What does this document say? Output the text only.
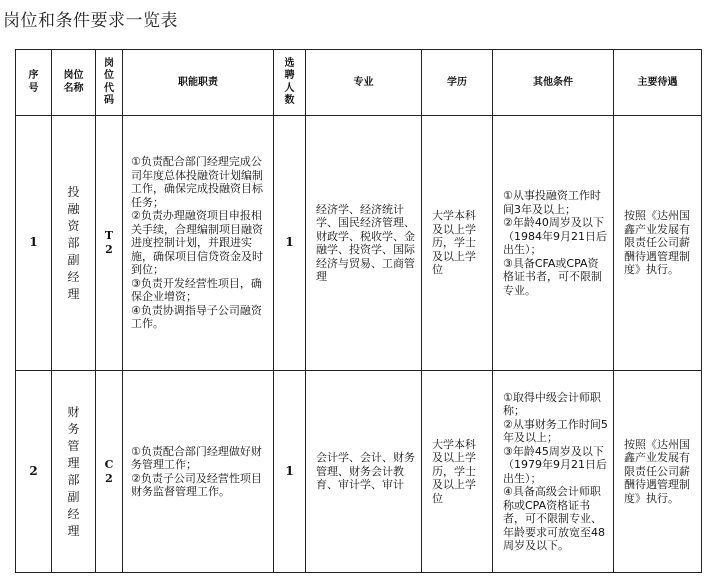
岗位和条件要求一览表
序号	岗位名称	岗位代码	职能职责	选聘人数	专业	学历	其他条件	主要待遇
1	投融资部副经理	T2	①负责配合部门经理完成公司年度总体投融资计划编制工作，确保完成投融资目标任务；
②负责办理融资项目申报相关手续，合理编制项目融资进度控制计划，并跟进实施，确保项目信贷资金及时到位；
③负责开发经营性项目，确保企业增资；
④负责协调指导子公司融资工作。	1	经济学、经济统计学、国民经济管理、财政学、税收学、金融学、投资学、国际经济与贸易、工商管理	大学本科及以上学历，学士及以上学位	①从事投融资工作时间3年及以上；
②年龄40周岁及以下（1984年9月21日后出生）；
③具备CFA或CPA资格证书者，可不限制专业。	按照《达州国鑫产业发展有限责任公司薪酬待遇管理制度》执行。
2	财务管理部副经理	C2	①负责配合部门经理做好财务管理工作；
②负责子公司及经营性项目财务监督管理工作。	1	会计学、会计、财务管理、财务会计教育、审计学、审计	大学本科及以上学历，学士及以上学位	①取得中级会计师职称；
②从事财务工作时间5年及以上；
③年龄45周岁及以下（1979年9月21日后出生）；
④具备高级会计师职称或CPA资格证书者，可不限制专业、年龄要求可放宽至48周岁及以下。	按照《达州国鑫产业发展有限责任公司薪酬待遇管理制度》执行。
